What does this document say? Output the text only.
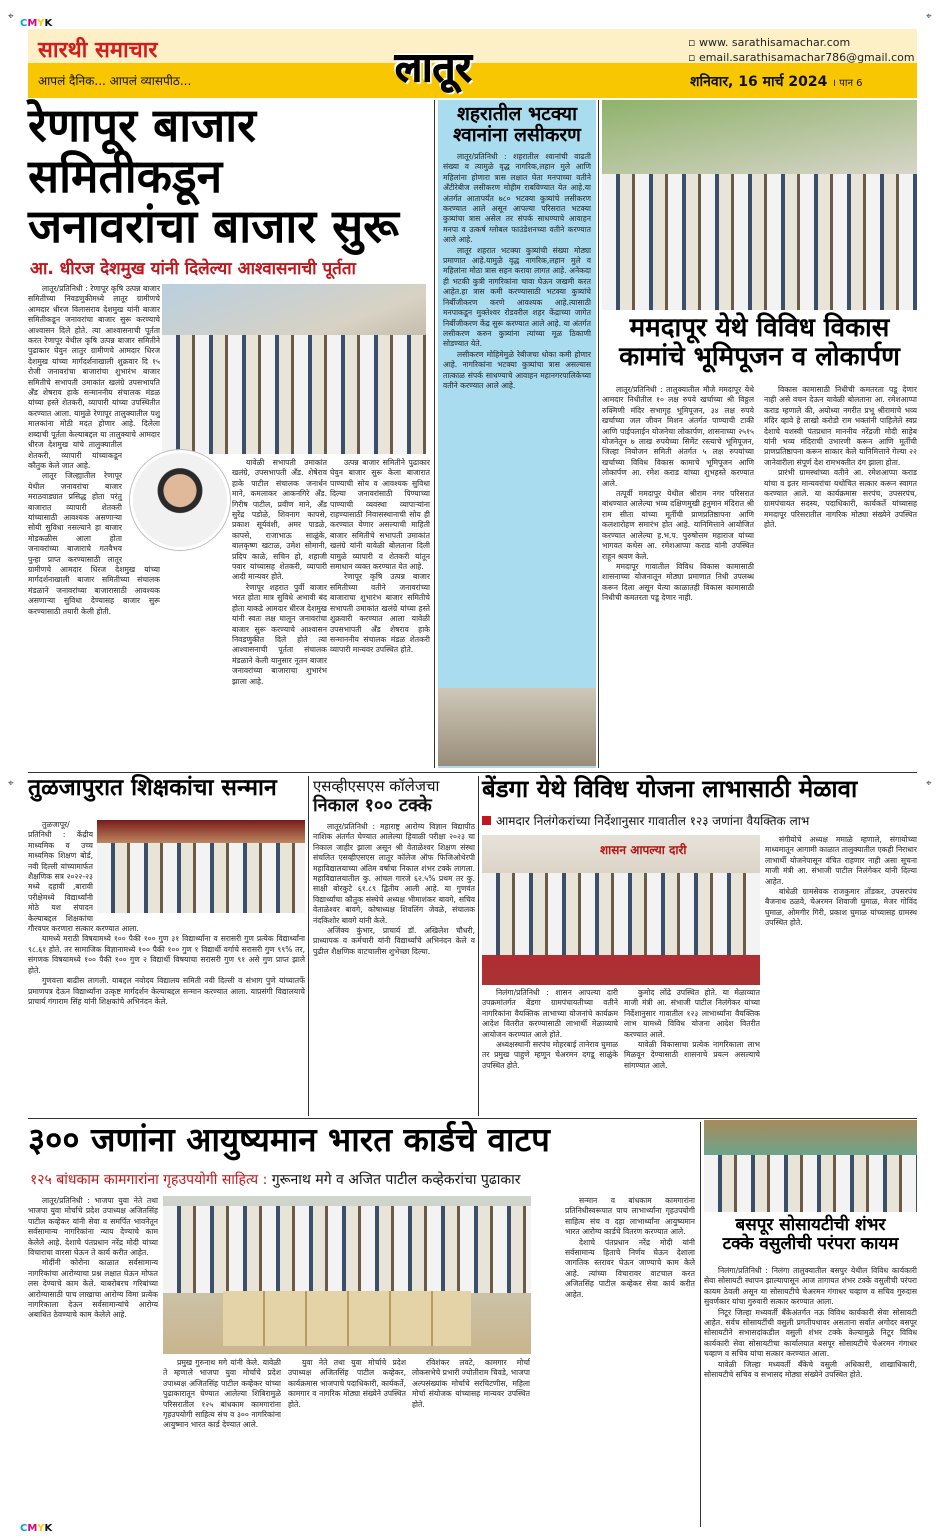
⌖
CMYK
⌖
⌖	⌖
CMYK
सारथी समाचार
आपलं दैनिक... आपलं व्यासपीठ...	लातूर
▫ www. sarathisamachar.com
▫ email.sarathisamachar786@gmail.com
शनिवार, 16 मार्च 2024 । पान 6
रेणापूर बाजार समितीकडून
जनावरांचा बाजार सुरू
आ. धीरज देशमुख यांनी दिलेल्या आश्वासनाची पूर्तता

लातूर/प्रतिनिधी : रेणापूर कृषि उत्पन्न बाजार समितीच्या निवडणुकीमध्ये लातूर ग्रामीणचे आमदार धीरज विलासराव देशमुख यांनी बाजार समितीकडून जनावरांचा बाजार सुरू करण्याचे आश्वासन दिले होते. त्या आश्वासनाची पूर्तता करत रेणापूर येथील कृषि उत्पन्न बाजार समितीने पुढाकार घेवुन लातुर ग्रामीणचे आमदार धिरज देशमुख यांच्या मार्गदर्शनाखाली शुक्रवार दि १५ रोजी जनावरांचा बाजारांचा शुभारंभ बाजार समितीचे सभापती उमाकांत खलंग्रे उपसभापति अँड शेषराव हाके सन्माननीय संचालक मंडळ यांच्या हस्ते शेतकरी, व्यापारी यांच्या उपस्थितीत करण्यात आला. यामुळे रेणापूर तालुक्यातील पशु मालकांना मोठी मदत होणार आहे. दिलेला शब्दाची पूर्तता केल्याबद्दल या तालुक्याचे आमदार धीरज देशमुख यांचे तालुक्यातील शेतकरी, व्यापारी यांच्याकडून कौतुक केले जात आहे.

लातूर जिल्ह्यातील रेणापूर येथील जनावरांचा बाजार मराठवाड्यात प्रसिद्ध होता परंतु बाजारात व्यापारी शेतकरी यांच्यासाठी आवश्यक असणाऱ्या सोयी सुविधा नसल्याने हा बाजार मोडकळीस आला होता जनावरांच्या बाजाराचे गतवैभव पुन्हा प्राप्त करण्यासाठी लातूर ग्रामीणचे आमदार धिरज देशमुख यांच्या मार्गदर्शनाखाली बाजार समितीच्या संचालक मंडळाने जनावरांच्या बाजारासाठी आवश्यक असणाऱ्या सुविधा देण्यासह बाजार सुरू करण्यासाठी तयारी केली होती.

यावेळी सभापती उमाकांत खलंग्रे, उपसभापती अँड. शेषेराव हाके पाटील संचालक जनार्धन माने, कमलाकर आकनगिरे अँड. गिरीष पाटील, प्रवीण माने, अँड सुरेंद्र पडोळे, शिवनाग कापसे, प्रकाश सूर्यवंशी, अमर पाडळे, कापसे, राजाभाऊ साळुंके, बालकृष्ण खटाळ, उमेश सोमानी, प्रदिप काळे, सचिन हो, शहाजी पवार यांच्यासह शेतकरी, व्यापारी आदी मान्यवर होते.

रेणापूर शहरात पुर्वी बाजार भरत होता मात्र सुविधे अभावी बंद होता याकडे आमदार धीरज देशमुख यांनी स्वतः लक्ष घालून जनावरांचा बाजार सुरू करण्याचे आश्वासन निवडणुकीत दिले होते त्या आश्वासनाची पूर्तता संचालक मंडळाने केली यानुसार नूतन बाजार जनावरांच्या बाजाराचा शुभारंभ झाला आहे.

उत्पन्न बाजार समितीने पुढाकार घेवुन बाजार सुरू केला बाजारात पाण्याची सोय व आवश्यक सुविधा दिल्या जनावरांसाठी पिण्याच्या पाण्याची व्यवस्था व्यापाऱ्यांना राहण्यासाठी निवासस्थानाची सोय ही करण्यात येणार असल्याची माहिती बाजार समितीचे सभापती उमाकांत खलंग्रे यांनी यावेळी बोलताना दिली यामुळे व्यापारी व शेतकरी यांतून समाधान व्यक्त करण्यात येत आहे.

रेणापूर कृषि उत्पन्न बाजार समितीच्या वतीने जनावरांच्या बाजाराचा शुभारंभ बाजार समितीचे सभापती उमाकांत खलंग्रे यांच्या हस्ते शुक्रवारी करण्यात आला यावेळी उपसभापती अँड शेषराव हाके सन्माननीय संचालक मंडळ शेतकरी व्यापारी मान्यवर उपस्थित होते.

शहरातील भटक्या
श्वानांना लसीकरण

लातूर/प्रतिनिधी : शहरातील श्वानांची वाढती संख्या व त्यामुळे वृद्ध नागरिक,लहान मुले आणि महिलांना होणारा त्रास लक्षात घेता मनपाच्या वतीने अँटीरेबीज लसीकरण मोहीम राबविण्यात येत आहे.या अंतर्गत आतापर्यंत ७८० भटक्या कुत्र्यांचे लसीकरण करण्यात आले असून आपल्या परिसरात भटक्या कुत्र्यांचा त्रास असेल तर संपर्क साधण्याचे आवाहन मनपा व उत्कर्ष ग्लोबल फाउंडेशनच्या वतीने करण्यात आले आहे.

लातूर शहरात भटक्या कुत्र्यांची संख्या मोठ्या प्रमाणात आहे.यामुळे वृद्ध नागरिक,लहान मुले व महिलांना मोठा त्रास सहन करावा लागत आहे. अनेकदा ही भटकी कुत्री नागरिकांना चावा घेऊन जखमी करत आहेत.हा त्रास कमी करण्यासाठी भटक्या कुत्र्यांचे निर्बीजीकरण करणे आवश्यक आहे.त्यासाठी मनपाकडून मुक्तेश्वर रोडवरील शहर केंद्राच्या जागेत निर्बीजीकरण केंद्र सुरू करण्यात आले आहे. या अंतर्गत लसीकरण करुन कुत्र्यांना त्यांच्या मूळ ठिकाणी सोडण्यात येते.

लसीकरण मोहिमेमुळे रेबीजचा धोका कमी होणार आहे. नागरिकांना भटक्या कुत्र्यांचा त्रास असल्यास तात्काळ संपर्क साधण्याचे आवाहन महानगरपालिकेच्या वतीने करण्यात आले आहे.

ममदापूर येथे विविध विकास
कामांचे भूमिपूजन व लोकार्पण

लातूर/प्रतिनिधी : तालुक्यातील मौजे ममदापूर येथे आमदार निधीतील १० लक्ष रुपये खर्चाच्या श्री विठ्ठल रुक्मिणी मंदिर सभागृह भूमिपूजन, ३४ लक्ष रुपये खर्चाच्या जल जीवन मिशन अंतर्गत पाण्याची टाकी आणि पाईपलाईन योजनेचा लोकार्पण, शासनाच्या २५१५ योजनेतून ७ लाख रुपयेच्या सिमेंट रस्त्याचे भूमिपूजन, जिल्हा नियोजन समिती अंतर्गत ५ लक्ष रुपयांच्या खर्चाच्या विविध विकास कामाचे भूमिपूजन आणि लोकार्पण आ. रमेश कराड यांच्या शुभहस्ते करण्यात आले.

तत्पूर्वी ममदापूर येथील श्रीराम नगर परिसरात बांधण्यात आलेल्या भव्य दक्षिणमुखी हनुमान मंदिरात श्री राम सीता यांच्या मूर्तीची प्राणप्रतिष्ठापना आणि कलशारोहण समारंभ होत आहे. यानिमित्ताने आयोजित करण्यात आलेल्या ह.भ.प. पुरुषोत्तम महाराज यांच्या भागवत कथेस आ. रमेशआप्पा कराड यांनी उपस्थित राहून श्रवण केले.

ममदापूर गावातील विविध विकास कामासाठी शासनाच्या योजनातून मोठ्या प्रमाणात निधी उपलब्ध करून दिला असून येत्या काळातही विकास कामासाठी निधीची कमतरता पडू देणार नाही.

विकास कामासाठी निधीची कमतरता पडू देणार नाही असे वचन देऊन यावेळी बोलताना आ. रमेशआप्पा कराड म्हणाले की, अयोध्या नगरीत प्रभू श्रीरामाचे भव्य मंदिर व्हावे हे लाखो करोडो राम भक्तांनी पाहिलेले स्वप्न देशाचे यशस्वी पंतप्रधान माननीय नरेंद्रजी मोदी साहेब यांनी भव्य मंदिराची उभारणी करून आणि मूर्तीची प्राणप्रतिष्ठापना करून साकार केले यानिमित्ताने गेल्या २२ जानेवारीला संपूर्ण देश रामभक्तीत दंग झाला होता.

प्रारंभी ग्रामस्थांच्या वतीने आ. रमेशआप्पा कराड यांचा व इतर मान्यवरांचा यथोचित सत्कार करून स्वागत करण्यात आले. या कार्यक्रमास सरपंच, उपसरपंच, ग्रामपंचायत सदस्य, पदाधिकारी, कार्यकर्ते यांच्यासह ममदापूर परिसरातील नागरिक मोठ्या संख्येने उपस्थित होते.

तुळजापुरात शिक्षकांचा सन्मान

तुळजापूर/प्रतिनिधी : केंद्रीय माध्यमिक व उच्च माध्यमिक शिक्षण बोर्ड, नवी दिल्ली यांच्यामार्फत शैक्षणिक सत्र २०२२-२३ मध्ये दहावी ,बारावी परीक्षेमध्ये विद्यार्थ्यांनी मोठे यश संपादन केल्याबद्दल शिक्षकांचा गौरवपर करणारा सत्कार करण्यात आला.

यामध्ये मराठी विषयामध्ये १०० पैकी १०० गुण ३१ विद्यार्थ्यांना व सरासरी गुण प्रत्येक विद्यार्थ्यांना ९८.६१ होते. तर सामाजिक विज्ञानामध्ये १०० पैकी १०० गुण १ विद्यार्थी वर्गाचे सरासरी गुण ९९% तर, संगणक विषयामध्ये १०० पैकी १०० गुण २ विद्यार्थी विषयाचा सरासरी गुण ९१ असे गुण प्राप्त झाले होते.

गुणवत्ता बाढीस लागली. याबद्दल नवोदय विद्यालय समिती नवी दिल्ली व संभाग पुणे यांच्यातर्फे प्रमाणपत्र देऊन विद्यार्थ्यांना उत्कृष्ट मार्गदर्शन केल्याबद्दल सन्मान करण्यात आला. याप्रसंगी विद्यालयाचे प्राचार्य गंगाराम सिंह यांनी शिक्षकांचे अभिनंदन केले.

एसव्हीएसएस कॉलेजचा
निकाल १०० टक्के

लातूर/प्रतिनिधी : महाराष्ट्र आरोग्य विज्ञान विद्यापीठ नाशिक अंतर्गत घेण्यात आलेल्या हिवाळी परीक्षा २०२३ चा निकाल जाहीर झाला असून श्री वेताळेश्वर शिक्षण संस्था संचलित एसव्हीएसएस लातूर कॉलेज ऑफ फिजिओथेरपी महाविद्यालयाच्या अंतिम वर्षाचा निकाल शंभर टक्के लागला. महाविद्यालयातील कु. आंचल गारजे ६२.५% प्रथम तर कु. साक्षी बोरकुटे ६१.८९ द्वितीय आली आहे. या गुणवंत विद्यार्थ्यांचा कौतुक संस्थेचे अध्यक्ष भीमाशंकर बावगे, सचिव वेताळेश्वर बावगे, कोषाध्यक्ष शिवलिंग जेवळे, संचालक नंदकिशोर बावगे यांनी केले.

अजिंक्य कुंभार, प्राचार्य डॉ. अखिलेश चौधरी, प्राध्यापक व कर्मचारी यांनी विद्यार्थ्यांचे अभिनंदन केले व पुढील शैक्षणिक वाटचालीस शुभेच्छा दिल्या.

बेंडगा येथे विविध योजना लाभासाठी मेळावा
आमदार निलंगेकरांच्या निर्देशानुसार गावातील १२३ जणांना वैयक्तिक लाभ
शासन आपल्या दारी

संगीयोचे अध्यक्ष ममाळे म्हणाले, संगायोच्या माध्यमातून आगामी काळात तालुक्यातील एकही निराधार लाभार्थी योजनेपासून वंचित राहणार नाही असा सूचना माजी मंत्री आ. संभाजी पाटील निलंगेकर यांनी दिल्या आहेत.

बांधेळी ग्रामसेवक राजकुमार तोंडकर, उपसरपंच बैजनाथ ठळवे, चेअरमन शिवाजी घुमाळ, मेजर गोविंद घुमाळ, ओमगीर गिरी, प्रकाश घुमाळ यांच्यासह ग्रामस्थ उपस्थित होते.

निलंगा/प्रतिनिधी : शासन आपल्या दारी उपक्रमांतर्गत बेंडगा ग्रामपंचायतीच्या वतीने नागरिकांना वैयक्तिक लाभाच्या योजनांचे कार्यक्रम आदेश वितरीत करण्यासाठी लाभार्थी मेळाव्याचे आयोजन करण्यात आले होते.

अध्यक्षस्थानी सरपंच मोहरबाई तानेराव घुमाळ तर प्रमुख पाहुणे म्हणून चेअरमन दगडू साळुंके उपस्थित होते.

कुमोद लोंढे उपस्थित होते. या मेळाव्यात माजी मंत्री आ. संभाजी पाटील निलंगेकर यांच्या निर्देशानुसार गावातील १२३ लाभार्थ्यांना वैयक्तिक लाभ यामध्ये विविध योजना आदेश वितरीत करण्यात आले.

यावेळी विकासाचा प्रत्येक नागरिकाला लाभ मिळवून देण्यासाठी शासनाचे प्रयत्न असल्याचे सांगण्यात आले.

३०० जणांना आयुष्यमान भारत कार्डचे वाटप
१२५ बांधकाम कामगारांना गृहउपयोगी साहित्य : गुरूनाथ मगे व अजित पाटील कव्हेकरांचा पुढाकार

लातूर/प्रतिनिधी : भाजपा युवा नेते तथा भाजपा युवा मोर्चाचे प्रदेश उपाध्यक्ष अजितसिंह पाटील कव्हेकर यांनी सेवा व समर्पित भावनेतून सर्वसामान्य नागरिकांना न्याय देण्याचे काम केलेले आहे. देशाचे पंतप्रधान नरेंद्र मोदी यांच्या विचाराचा वारसा घेऊन ते कार्य करीत आहेत.

मोदींनी कोरोना काळात सर्वसामान्य नागरिकांचा आरोग्याचा प्रश्न लक्षात घेऊन मोफत लस देण्याचे काम केले. याबरोबरच गरिबांच्या आरोग्यासाठी पाच लाखाचा आरोग्य विमा प्रत्येक नागरिकाला देऊन सर्वसामान्यांचे आरोग्य अबाधित ठेवण्याचे काम केलेले आहे.

प्रमुख गुरुनाथ मगे यांनी केले. यावेळी ते म्हणाले भाजपा युवा मोर्चाचे प्रदेश उपाध्यक्ष अजितसिंह पाटील कव्हेकर यांच्या पुढाकारातून घेण्यात आलेल्या शिबिरामुळे परिसरातील १२५ बांधकाम कामगारांना गृहउपयोगी साहित्य संच व ३०० नागरिकांना आयुष्मान भारत कार्ड देण्यात आले.

युवा नेते तथा युवा मोर्चाचे प्रदेश उपाध्यक्ष अजितसिंह पाटील कव्हेकर, कार्यक्रमास भाजपाचे पदाधिकारी, कार्यकर्ते, कामगार व नागरिक मोठ्या संख्येने उपस्थित होते.

रविशंकर लवटे, कामगार मोर्चा लोकसभेचे प्रभारी ज्योतीराम चिवडे, भाजपा अल्पसंख्यांक मोर्चाचे सरचिटणीस, महिला मोर्चा संयोजक यांच्यासह मान्यवर उपस्थित होते.

सन्मान व बांधकाम कामगारांना प्रतिनिधीस्वरूपात पाच लाभार्थ्यांना गृहउपयोगी साहित्य संच व दहा लाभार्थ्यांना आयुष्यमान भारत आरोग्य कार्डचे वितरण करण्यात आले.

देशाचे पंतप्रधान नरेंद्र मोदी यांनी सर्वसामान्य हिताचे निर्णय घेऊन देशाला जागतिक स्तरावर घेऊन जाण्याचे काम केले आहे. त्यांच्या विचारावर वाटचाल करत अजितसिंह पाटील कव्हेकर सेवा कार्य करीत आहेत.

बसपूर सोसायटीची शंभर
टक्के वसुलीची परंपरा कायम

निलंगा/प्रतिनिधी : निलंगा तालुक्यातील बसपुर येथील विविध कार्यकारी सेवा सोसायटी स्थापन झाल्यापासून आज तागायत शंभर टक्के वसुलीची परंपरा कायम ठेवली असून या सोसायटीचे चेअरमन गंगाधर चव्हाण व सचिव गुरुदास सुवर्णकार यांचा गुरुवारी सत्कार करण्यात आला.

निटूर जिल्हा मध्यवर्ती बँकेअंतर्गत नऊ विविध कार्यकारी सेवा सोसायटी आहेत. सर्वच सोसायटींची वसुली प्रगतीपथावर असताना सर्वात अगोदर बसपूर सोसायटीने सभासदांकडील वसुली शंभर टक्के केल्यामुळे निटूर विविध कार्यकारी सेवा सोसायटीचा कार्यालयात बसपूर सोसायटीचे चेअरमन गंगाधर चव्हाण व सचिव यांचा सत्कार करण्यात आला.

यावेळी जिल्हा मध्यवर्ती बँकेचे वसुली अधिकारी, शाखाधिकारी, सोसायटीचे सचिव व सभासद मोठ्या संख्येने उपस्थित होते.
